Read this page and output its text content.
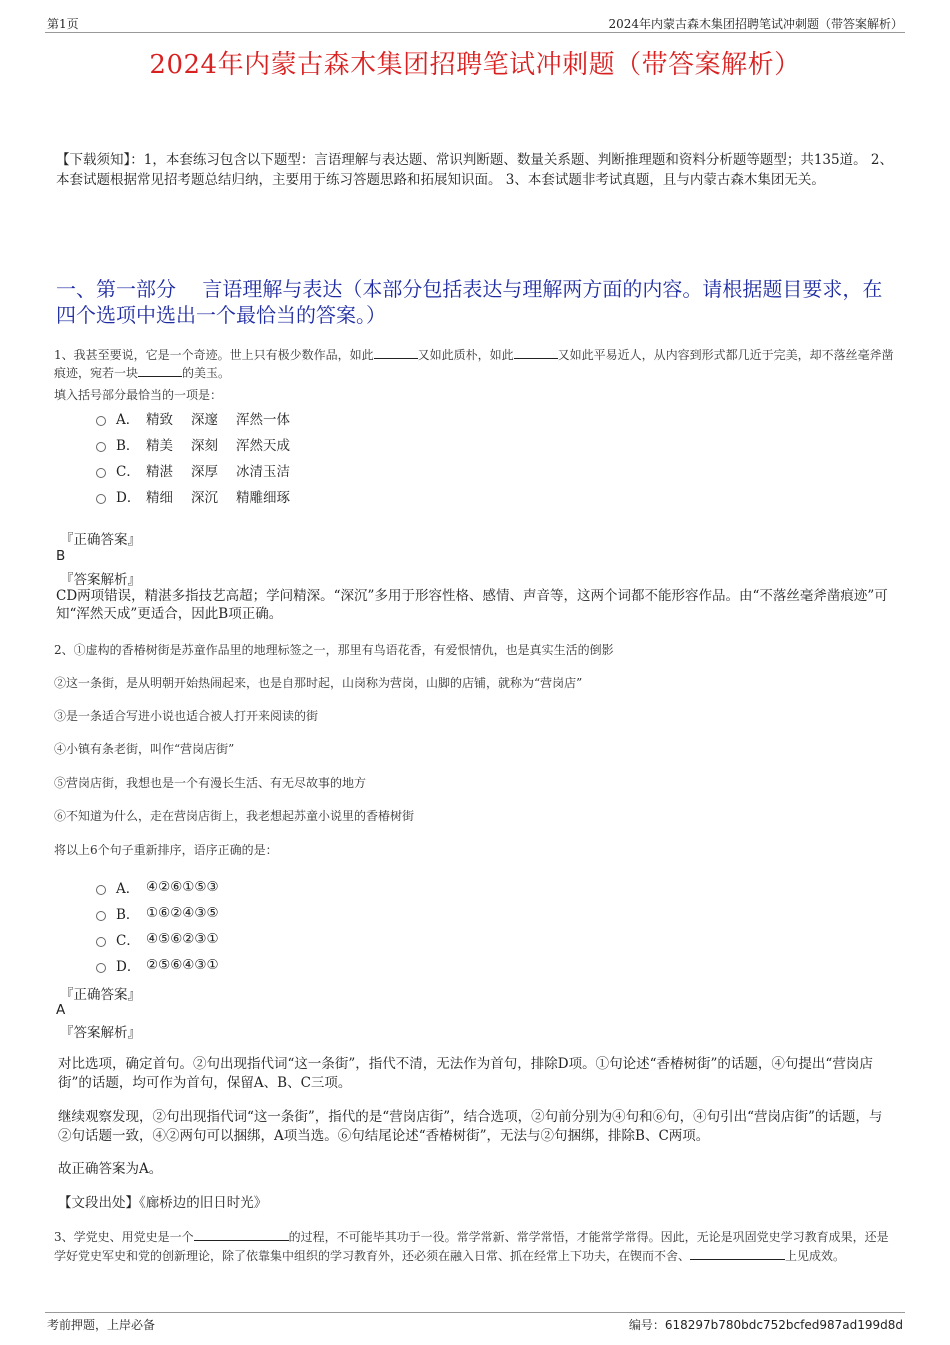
第1页	2024年内蒙古森木集团招聘笔试冲刺题（带答案解析）
2024年内蒙古森木集团招聘笔试冲刺题（带答案解析）
【下载须知】：1，本套练习包含以下题型：言语理解与表达题、常识判断题、数量关系题、判断推理题和资料分析题等题型；共135道。 2、本套试题根据常见招考题总结归纳，主要用于练习答题思路和拓展知识面。 3、本套试题非考试真题，且与内蒙古森木集团无关。
一、第一部分　 言语理解与表达（本部分包括表达与理解两方面的内容。请根据题目要求，在四个选项中选出一个最恰当的答案。）
1、我甚至要说，它是一个奇迹。世上只有极少数作品，如此	又如此质朴，如此	又如此平易近人，从内容到形式都几近于完美，却不落丝毫斧凿痕迹，宛若一块	的美玉。
填入括号部分最恰当的一项是：
A． 精致 深邃 浑然一体
B． 精美 深刻 浑然天成
C． 精湛 深厚 冰清玉洁
D． 精细 深沉 精雕细琢
『正确答案』
B
『答案解析』
CD两项错误，精湛多指技艺高超；学问精深。“深沉”多用于形容性格、感情、声音等，这两个词都不能形容作品。由“不落丝毫斧凿痕迹”可知“浑然天成”更适合，因此B项正确。
2、①虚构的香椿树街是苏童作品里的地理标签之一，那里有鸟语花香，有爱恨情仇，也是真实生活的倒影
②这一条街，是从明朝开始热闹起来，也是自那时起，山岗称为营岗，山脚的店铺，就称为“营岗店”
③是一条适合写进小说也适合被人打开来阅读的街
④小镇有条老街，叫作“营岗店街”
⑤营岗店街，我想也是一个有漫长生活、有无尽故事的地方
⑥不知道为什么，走在营岗店街上，我老想起苏童小说里的香椿树街
将以上6个句子重新排序，语序正确的是：
A． ④②⑥①⑤③
B． ①⑥②④③⑤
C． ④⑤⑥②③①
D． ②⑤⑥④③①
『正确答案』
A
『答案解析』
对比选项，确定首句。②句出现指代词“这一条街”，指代不清，无法作为首句，排除D项。①句论述“香椿树街”的话题，④句提出“营岗店街”的话题，均可作为首句，保留A、B、C三项。
继续观察发现，②句出现指代词“这一条街”，指代的是“营岗店街”，结合选项，②句前分别为④句和⑥句，④句引出“营岗店街”的话题，与②句话题一致，④②两句可以捆绑，A项当选。⑥句结尾论述“香椿树街”，无法与②句捆绑，排除B、C两项。
故正确答案为A。
【文段出处】《廊桥边的旧日时光》
3、学党史、用党史是一个	的过程，不可能毕其功于一役。常学常新、常学常悟，才能常学常得。因此，无论是巩固党史学习教育成果，还是学好党史军史和党的创新理论，除了依靠集中组织的学习教育外，还必须在融入日常、抓在经常上下功夫，在锲而不舍、	上见成效。
考前押题，上岸必备	编号：618297b780bdc752bcfed987ad199d8d
